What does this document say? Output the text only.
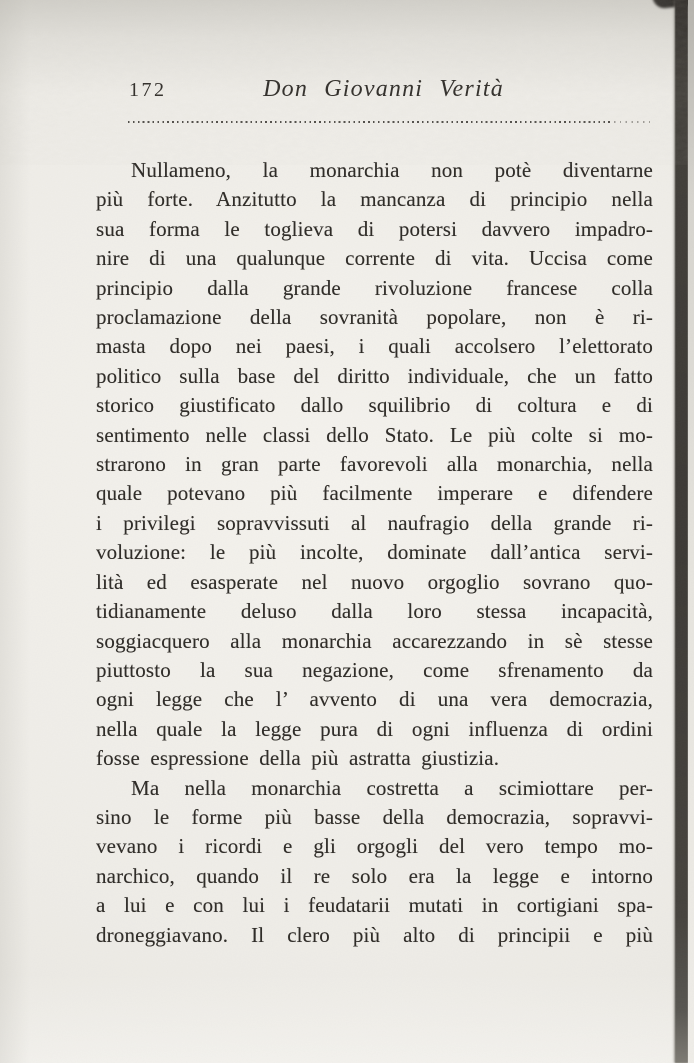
172	Don Giovanni Verità
Nullameno, la monarchia non potè diventarne
più forte. Anzitutto la mancanza di principio nella
sua forma le toglieva di potersi davvero impadro-
nire di una qualunque corrente di vita. Uccisa come
principio dalla grande rivoluzione francese colla
proclamazione della sovranità popolare, non è ri-
masta dopo nei paesi, i quali accolsero l’elettorato
politico sulla base del diritto individuale, che un fatto
storico giustificato dallo squilibrio di coltura e di
sentimento nelle classi dello Stato. Le più colte si mo-
strarono in gran parte favorevoli alla monarchia, nella
quale potevano più facilmente imperare e difendere
i privilegi sopravvissuti al naufragio della grande ri-
voluzione: le più incolte, dominate dall’antica servi-
lità ed esasperate nel nuovo orgoglio sovrano quo-
tidianamente deluso dalla loro stessa incapacità,
soggiacquero alla monarchia accarezzando in sè stesse
piuttosto la sua negazione, come sfrenamento da
ogni legge che l’ avvento di una vera democrazia,
nella quale la legge pura di ogni influenza di ordini
fosse espressione della più astratta giustizia.
Ma nella monarchia costretta a scimiottare per-
sino le forme più basse della democrazia, sopravvi-
vevano i ricordi e gli orgogli del vero tempo mo-
narchico, quando il re solo era la legge e intorno
a lui e con lui i feudatarii mutati in cortigiani spa-
droneggiavano. Il clero più alto di principii e più
